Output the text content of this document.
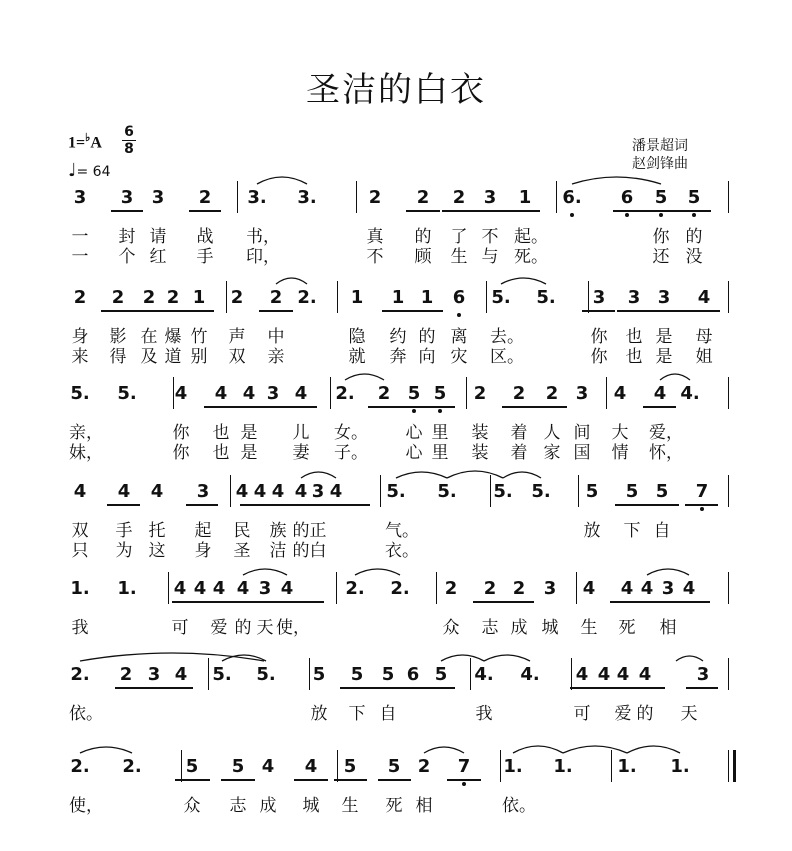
圣洁的白衣
1=♭A
6
8
♩= 64
潘景超词
赵剑锋曲
3 3 3 2 3. 3.	2 2 2 3 1 6. 6 5 5
一 封 请 战 书，	真 的 了 不 起。	你 的
一 个 红 手 印，	不 顾 生 与 死。	还 没
2 2 2 2 1 2 2 2. 1 1 1 6 5. 5. 3 3 3 4
身 影 在 爆 竹 声 中	隐 约 的 离 去。	你 也 是 母
来 得 及 道 别 双 亲	就 奔 向 灾 区。	你 也 是 姐
5. 5. 4 4 4 3 4 2. 2 5 5 2 2 2 3 4 4 4.
亲，	你 也 是 儿 女。 心 里 装 着 人 间 大 爱，
妹，	你 也 是 妻 子。 心 里 装 着 家 国 情 怀，
4 4 4 3 4 4 4 4 3 4 5. 5. 5. 5. 5 5 5 7
双 手 托 起 民 族 的 正	气。	放 下 自
只 为 这 身 圣 洁 的 白	衣。
1. 1. 4 4 4 4 3 4	2. 2. 2 2 2 3 4 4 4 3 4
我	可 爱 的 天 使，	众 志 成 城 生 死 相
2. 2 3 4 5. 5. 5 5 5 6 5 4. 4. 4 4 4 4	3
依。	放 下 自	我	可 爱 的 天
2. 2. 5 5 4 4 5 5 2 7 1. 1. 1. 1.
使，	众 志 成 城 生 死 相	依。
